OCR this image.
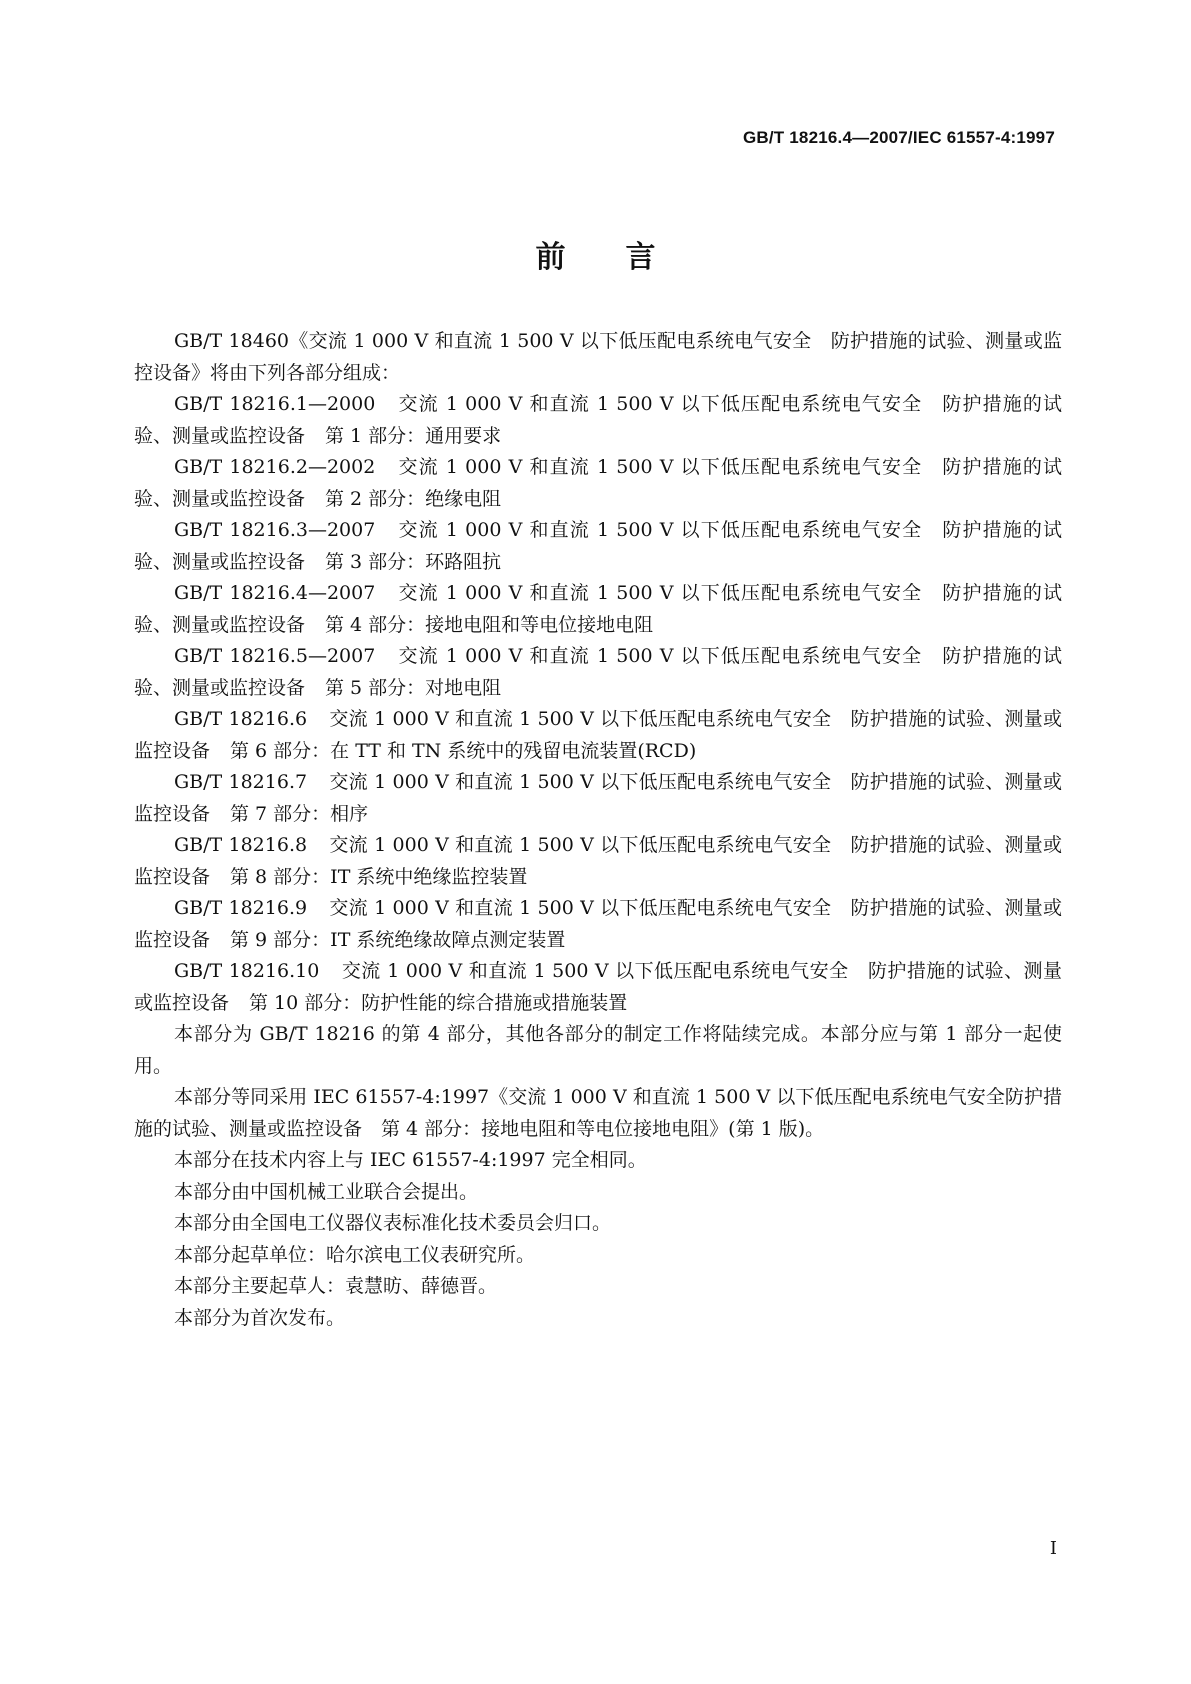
GB/T 18216.4—2007/IEC 61557-4:1997
前言

GB/T 18460《交流 1 000 V 和直流 1 500 V 以下低压配电系统电气安全　防护措施的试验、测量或监控设备》将由下列各部分组成：

GB/T 18216.1—2000 交流 1 000 V 和直流 1 500 V 以下低压配电系统电气安全　防护措施的试验、测量或监控设备 第 1 部分：通用要求

GB/T 18216.2—2002 交流 1 000 V 和直流 1 500 V 以下低压配电系统电气安全　防护措施的试验、测量或监控设备 第 2 部分：绝缘电阻

GB/T 18216.3—2007 交流 1 000 V 和直流 1 500 V 以下低压配电系统电气安全　防护措施的试验、测量或监控设备 第 3 部分：环路阻抗

GB/T 18216.4—2007 交流 1 000 V 和直流 1 500 V 以下低压配电系统电气安全　防护措施的试验、测量或监控设备 第 4 部分：接地电阻和等电位接地电阻

GB/T 18216.5—2007 交流 1 000 V 和直流 1 500 V 以下低压配电系统电气安全　防护措施的试验、测量或监控设备 第 5 部分：对地电阻

GB/T 18216.6 交流 1 000 V 和直流 1 500 V 以下低压配电系统电气安全　防护措施的试验、测量或监控设备 第 6 部分：在 TT 和 TN 系统中的残留电流装置(RCD)

GB/T 18216.7 交流 1 000 V 和直流 1 500 V 以下低压配电系统电气安全　防护措施的试验、测量或监控设备 第 7 部分：相序

GB/T 18216.8 交流 1 000 V 和直流 1 500 V 以下低压配电系统电气安全　防护措施的试验、测量或监控设备 第 8 部分：IT 系统中绝缘监控装置

GB/T 18216.9 交流 1 000 V 和直流 1 500 V 以下低压配电系统电气安全　防护措施的试验、测量或监控设备 第 9 部分：IT 系统绝缘故障点测定装置

GB/T 18216.10 交流 1 000 V 和直流 1 500 V 以下低压配电系统电气安全　防护措施的试验、测量或监控设备 第 10 部分：防护性能的综合措施或措施装置

本部分为 GB/T 18216 的第 4 部分，其他各部分的制定工作将陆续完成。本部分应与第 1 部分一起使用。

本部分等同采用 IEC 61557-4:1997《交流 1 000 V 和直流 1 500 V 以下低压配电系统电气安全防护措施的试验、测量或监控设备　第 4 部分：接地电阻和等电位接地电阻》(第 1 版)。

本部分在技术内容上与 IEC 61557-4:1997 完全相同。

本部分由中国机械工业联合会提出。

本部分由全国电工仪器仪表标准化技术委员会归口。

本部分起草单位：哈尔滨电工仪表研究所。

本部分主要起草人：袁慧昉、薛德晋。

本部分为首次发布。

I
